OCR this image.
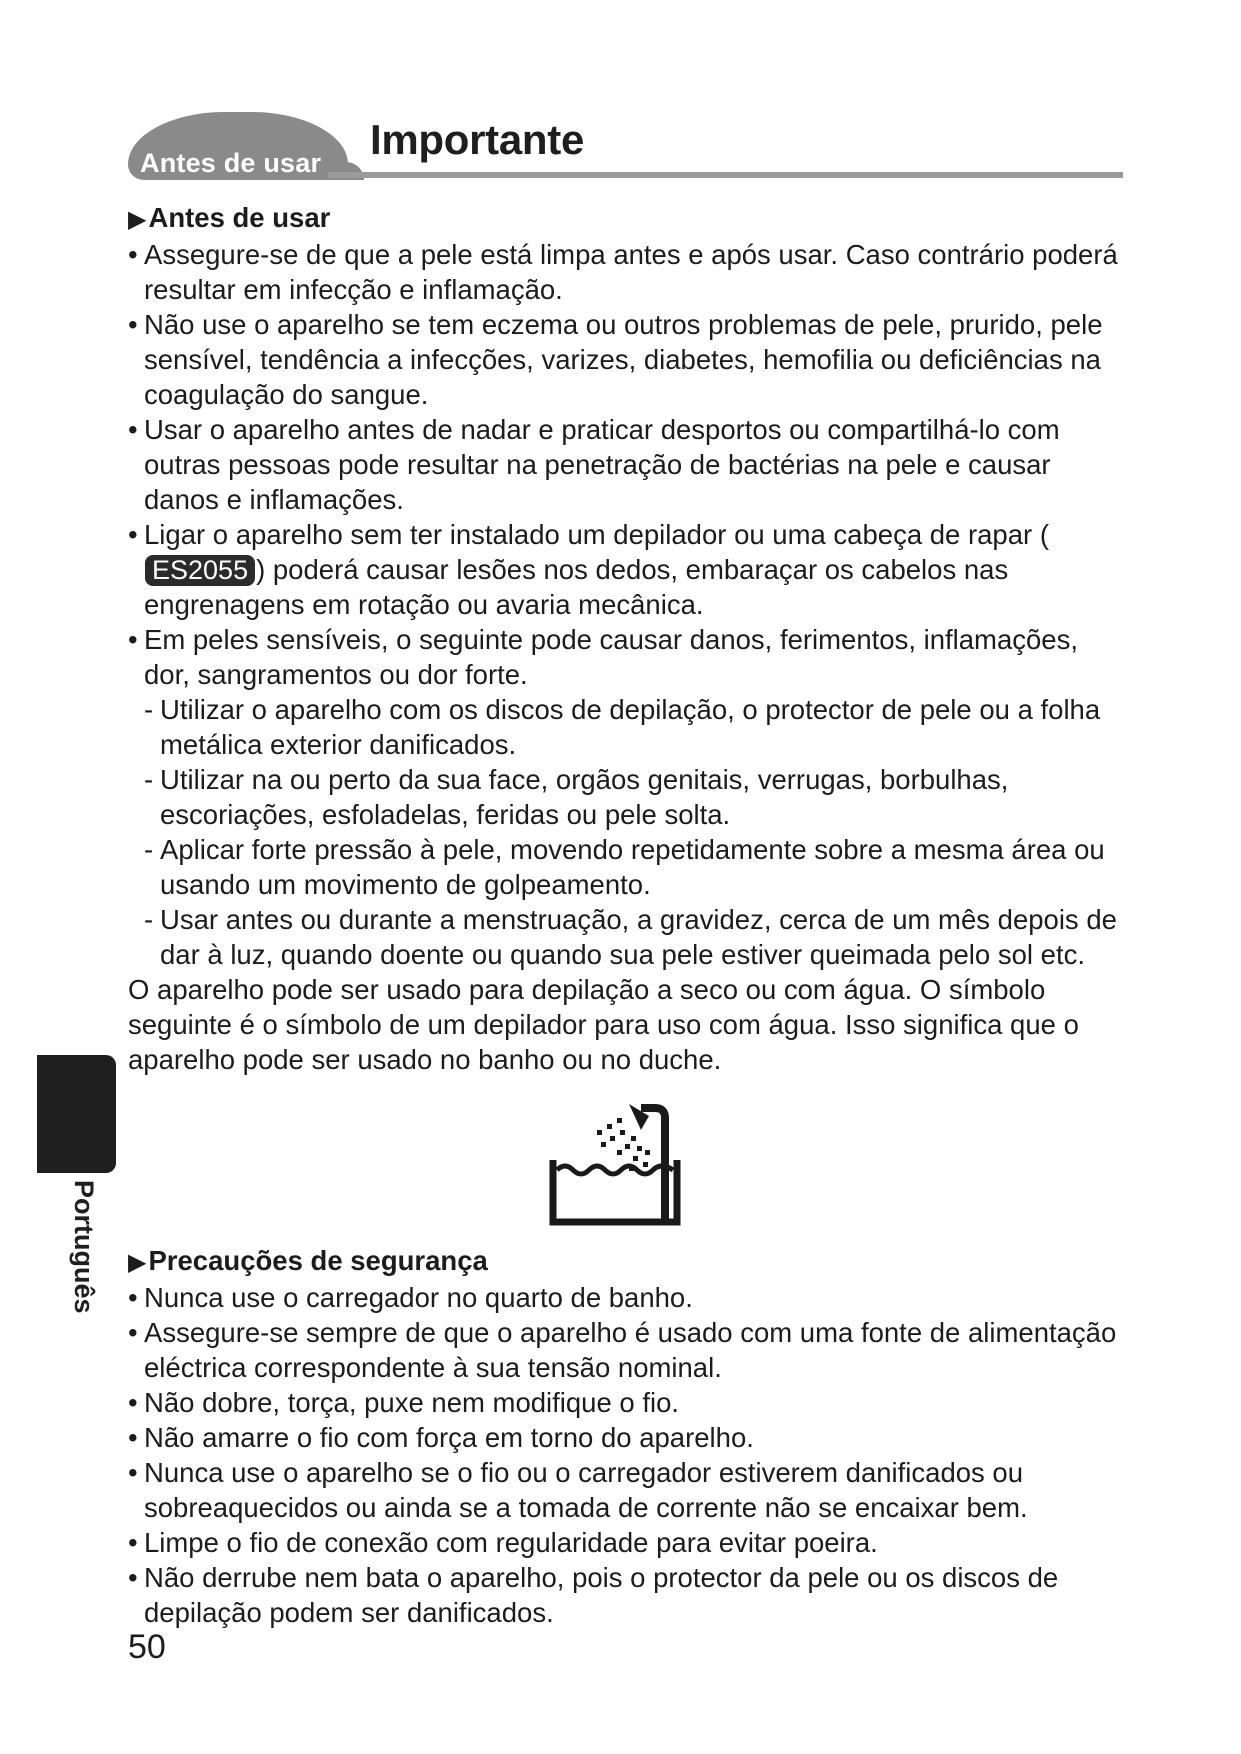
Antes de usar	Importante

▶Antes de usar

• Assegure-se de que a pele está limpa antes e após usar. Caso contrário poderá resultar em infecção e inflamação.
• Não use o aparelho se tem eczema ou outros problemas de pele, prurido, pele sensível, tendência a infecções, varizes, diabetes, hemofilia ou deficiências na coagulação do sangue.
• Usar o aparelho antes de nadar e praticar desportos ou compartilhá-lo com outras pessoas pode resultar na penetração de bactérias na pele e causar danos e inflamações.
• Ligar o aparelho sem ter instalado um depilador ou uma cabeça de rapar (ES2055 ) poderá causar lesões nos dedos, embaraçar os cabelos nas engrenagens em rotação ou avaria mecânica.
• Em peles sensíveis, o seguinte pode causar danos, ferimentos, inflamações, dor, sangramentos ou dor forte.
- Utilizar o aparelho com os discos de depilação, o protector de pele ou a folha metálica exterior danificados.
- Utilizar na ou perto da sua face, orgãos genitais, verrugas, borbulhas, escoriações, esfoladelas, feridas ou pele solta.
- Aplicar forte pressão à pele, movendo repetidamente sobre a mesma área ou usando um movimento de golpeamento.
- Usar antes ou durante a menstruação, a gravidez, cerca de um mês depois de dar à luz, quando doente ou quando sua pele estiver queimada pelo sol etc.

O aparelho pode ser usado para depilação a seco ou com água. O símbolo seguinte é o símbolo de um depilador para uso com água. Isso significa que o aparelho pode ser usado no banho ou no duche.

▶Precauções de segurança

• Nunca use o carregador no quarto de banho.
• Assegure-se sempre de que o aparelho é usado com uma fonte de alimentação eléctrica correspondente à sua tensão nominal.
• Não dobre, torça, puxe nem modifique o fio.
• Não amarre o fio com força em torno do aparelho.
• Nunca use o aparelho se o fio ou o carregador estiverem danificados ou sobreaquecidos ou ainda se a tomada de corrente não se encaixar bem.
• Limpe o fio de conexão com regularidade para evitar poeira.
• Não derrube nem bata o aparelho, pois o protector da pele ou os discos de depilação podem ser danificados.
Português
50
